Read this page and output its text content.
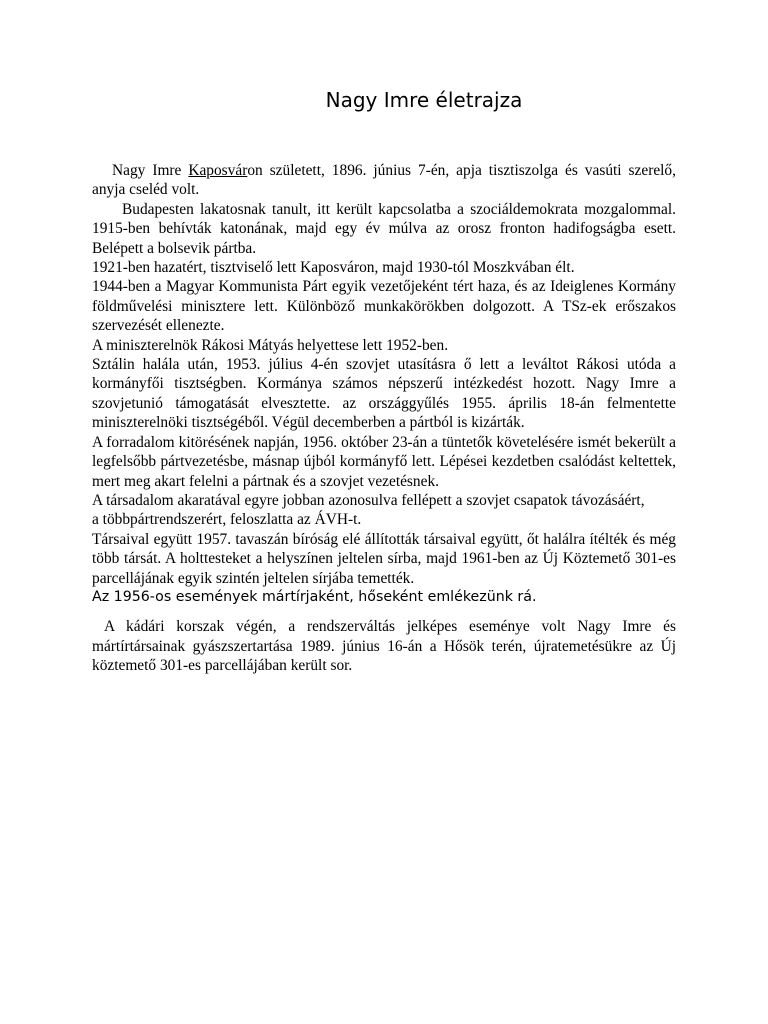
Nagy Imre életrajza

Nagy Imre Kaposváron született, 1896. június 7-én, apja tisztiszolga és vasúti szerelő, anyja cseléd volt.

Budapesten lakatosnak tanult, itt került kapcsolatba a szociáldemokrata mozgalommal. 1915-ben behívták katonának, majd egy év múlva az orosz fronton hadifogságba esett. Belépett a bolsevik pártba.

1921-ben hazatért, tisztviselő lett Kaposváron, majd 1930-tól Moszkvában élt.

1944-ben a Magyar Kommunista Párt egyik vezetőjeként tért haza, és az Ideiglenes Kormány földművelési minisztere lett. Különböző munkakörökben dolgozott. A TSz-ek erőszakos szervezését ellenezte.

A miniszterelnök Rákosi Mátyás helyettese lett 1952-ben.

Sztálin halála után, 1953. július 4-én szovjet utasításra ő lett a leváltot Rákosi utóda a kormányfői tisztségben. Kormánya számos népszerű intézkedést hozott. Nagy Imre a szovjetunió támogatását elvesztette. az országgyűlés 1955. április 18-án felmentette miniszterelnöki tisztségéből. Végül decemberben a pártból is kizárták.

A forradalom kitörésének napján, 1956. október 23-án a tüntetők követelésére ismét bekerült a legfelsőbb pártvezetésbe, másnap újból kormányfő lett. Lépései kezdetben csalódást keltettek, mert meg akart felelni a pártnak és a szovjet vezetésnek.

A társadalom akaratával egyre jobban azonosulva fellépett a szovjet csapatok távozásáért,

a többpártrendszerért, feloszlatta az ÁVH-t.

Társaival együtt 1957. tavaszán bíróság elé állították társaival együtt, őt halálra ítélték és még több társát. A holttesteket a helyszínen jeltelen sírba, majd 1961-ben az Új Köztemető 301-es parcellájának egyik szintén jeltelen sírjába temették.

Az 1956-os események mártírjaként, hőseként emlékezünk rá.

A kádári korszak végén, a rendszerváltás jelképes eseménye volt Nagy Imre és mártírtársainak gyászszertartása 1989. június 16-án a Hősök terén, újratemetésükre az Új köztemető 301-es parcellájában került sor.
